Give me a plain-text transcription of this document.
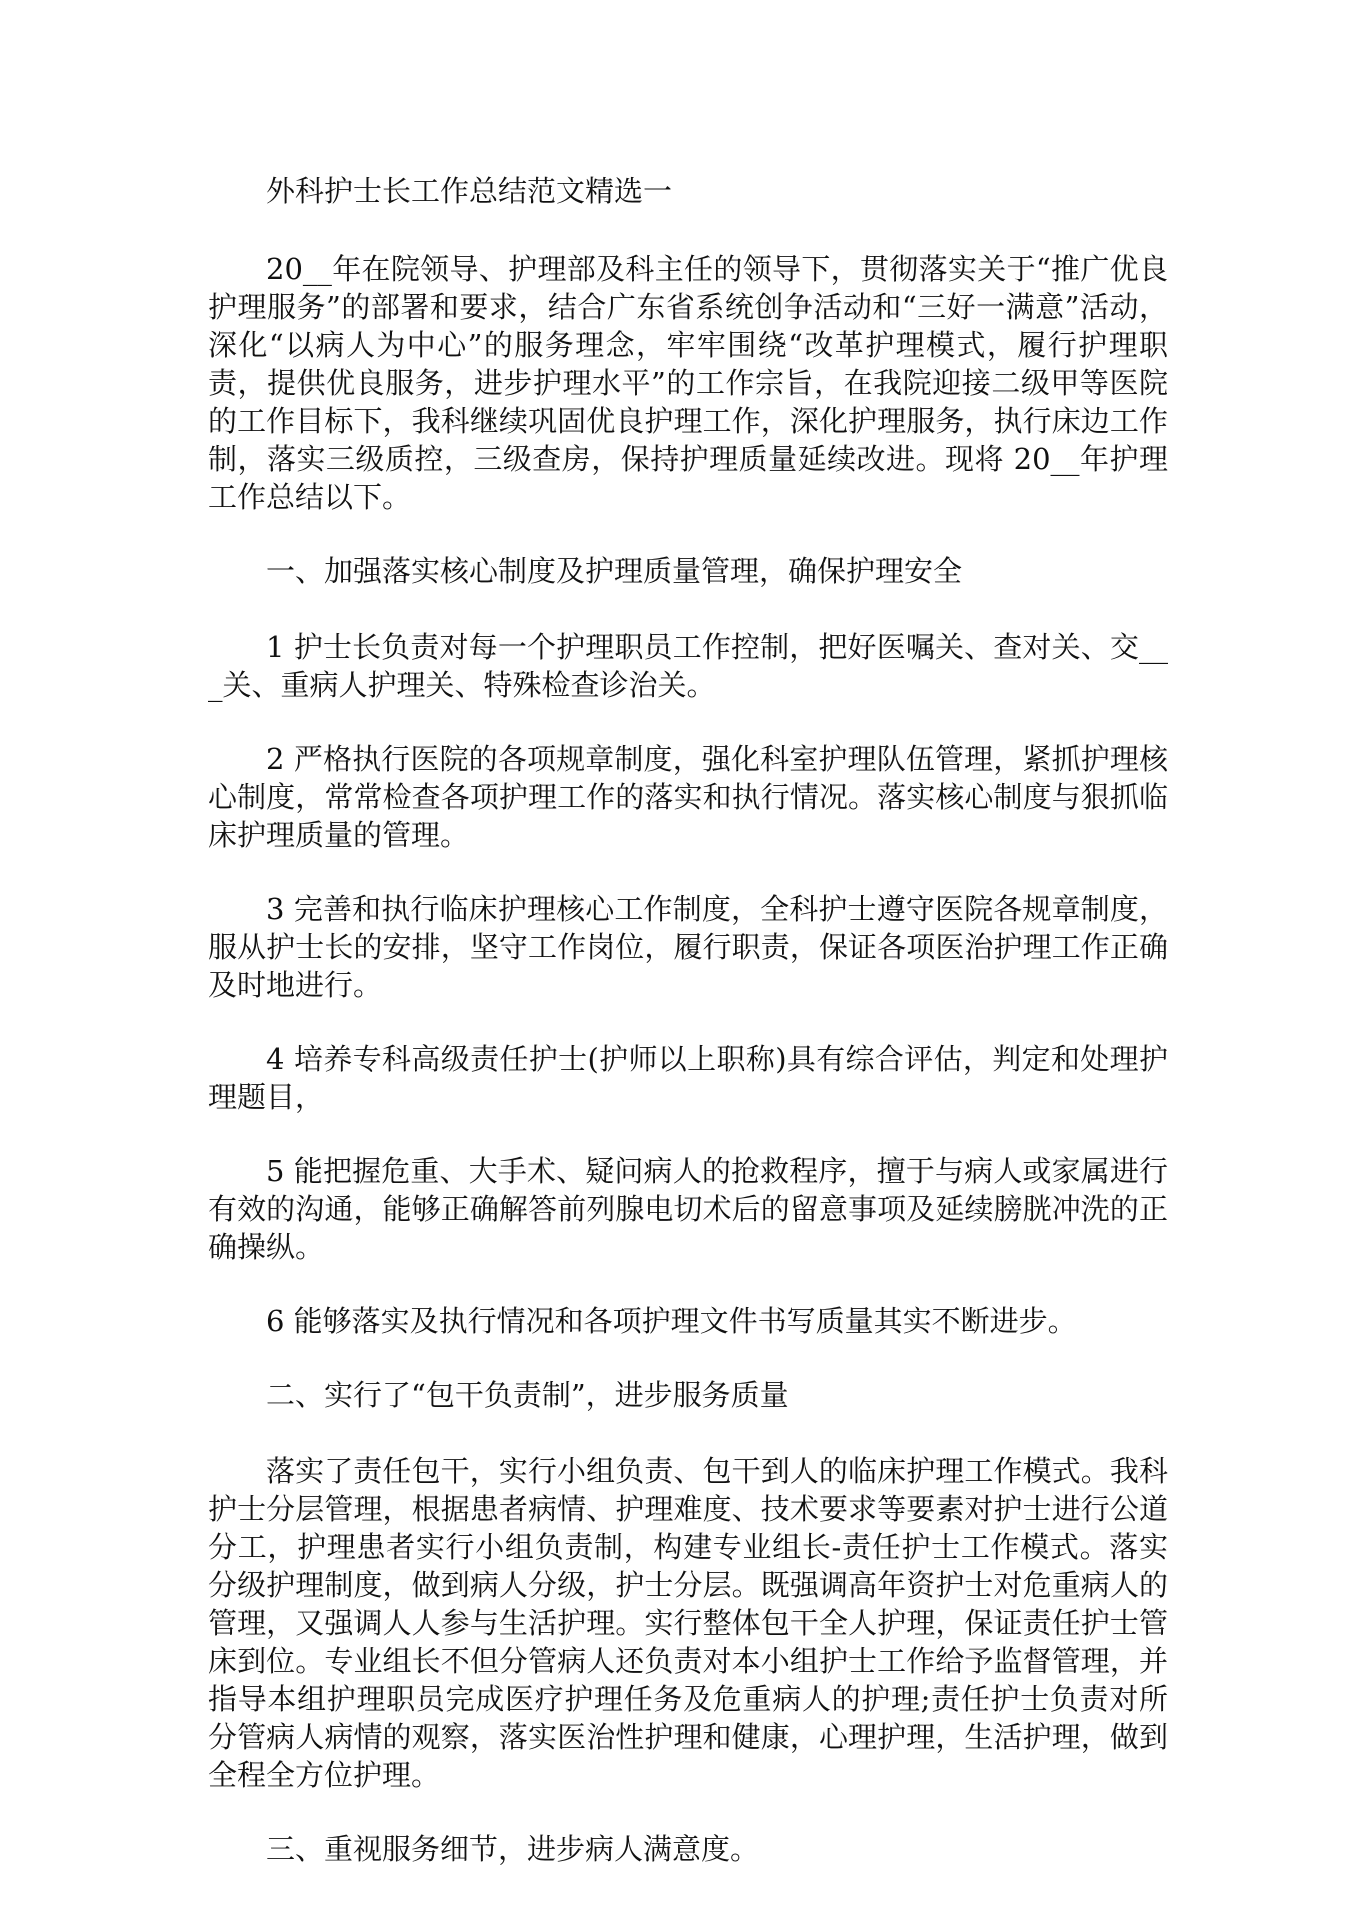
外科护士长工作总结范文精选一

20__年在院领导、护理部及科主任的领导下，贯彻落实关于“推广优良护理服务”的部署和要求，结合广东省系统创争活动和“三好一满意”活动，深化“以病人为中心”的服务理念，牢牢围绕“改革护理模式，履行护理职责，提供优良服务，进步护理水平”的工作宗旨，在我院迎接二级甲等医院的工作目标下，我科继续巩固优良护理工作，深化护理服务，执行床边工作制，落实三级质控，三级查房，保持护理质量延续改进。现将 20__年护理工作总结以下。

一、加强落实核心制度及护理质量管理，确保护理安全

1 护士长负责对每一个护理职员工作控制，把好医嘱关、查对关、交___关、重病人护理关、特殊检查诊治关。

2 严格执行医院的各项规章制度，强化科室护理队伍管理，紧抓护理核心制度，常常检查各项护理工作的落实和执行情况。落实核心制度与狠抓临床护理质量的管理。

3 完善和执行临床护理核心工作制度，全科护士遵守医院各规章制度，服从护士长的安排，坚守工作岗位，履行职责，保证各项医治护理工作正确及时地进行。

4 培养专科高级责任护士(护师以上职称)具有综合评估，判定和处理护理题目，

5 能把握危重、大手术、疑问病人的抢救程序，擅于与病人或家属进行有效的沟通，能够正确解答前列腺电切术后的留意事项及延续膀胱冲洗的正确操纵。

6 能够落实及执行情况和各项护理文件书写质量其实不断进步。

二、实行了“包干负责制”，进步服务质量

落实了责任包干，实行小组负责、包干到人的临床护理工作模式。我科护士分层管理，根据患者病情、护理难度、技术要求等要素对护士进行公道分工，护理患者实行小组负责制，构建专业组长-责任护士工作模式。落实分级护理制度，做到病人分级，护士分层。既强调高年资护士对危重病人的管理，又强调人人参与生活护理。实行整体包干全人护理，保证责任护士管床到位。专业组长不但分管病人还负责对本小组护士工作给予监督管理，并指导本组护理职员完成医疗护理任务及危重病人的护理;责任护士负责对所分管病人病情的观察，落实医治性护理和健康，心理护理，生活护理，做到全程全方位护理。

三、重视服务细节，进步病人满意度。
